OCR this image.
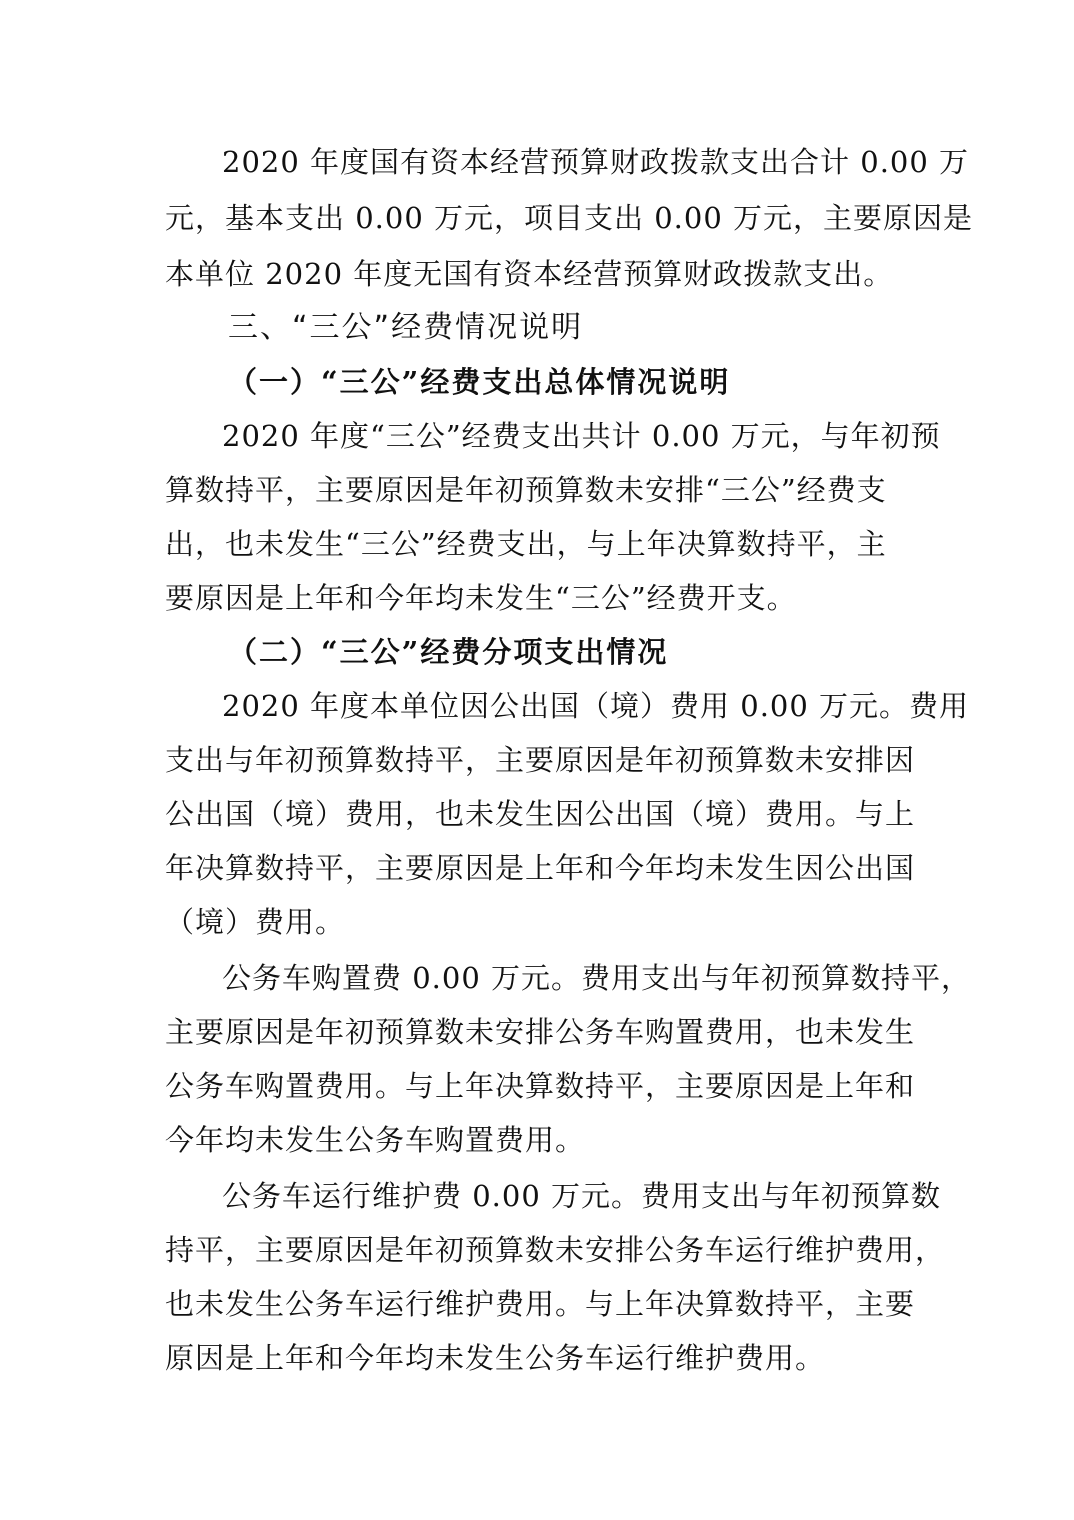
2020 年度国有资本经营预算财政拨款支出合计 0.00 万
元，基本支出 0.00 万元，项目支出 0.00 万元，主要原因是
本单位 2020 年度无国有资本经营预算财政拨款支出。
三、“三公”经费情况说明
（一）“三公”经费支出总体情况说明
2020 年度“三公”经费支出共计 0.00 万元，与年初预
算数持平，主要原因是年初预算数未安排“三公”经费支
出，也未发生“三公”经费支出，与上年决算数持平，主
要原因是上年和今年均未发生“三公”经费开支。
（二）“三公”经费分项支出情况
2020 年度本单位因公出国（境）费用 0.00 万元。费用
支出与年初预算数持平，主要原因是年初预算数未安排因
公出国（境）费用，也未发生因公出国（境）费用。与上
年决算数持平，主要原因是上年和今年均未发生因公出国
（境）费用。
公务车购置费 0.00 万元。费用支出与年初预算数持平，
主要原因是年初预算数未安排公务车购置费用，也未发生
公务车购置费用。与上年决算数持平，主要原因是上年和
今年均未发生公务车购置费用。
公务车运行维护费 0.00 万元。费用支出与年初预算数
持平，主要原因是年初预算数未安排公务车运行维护费用，
也未发生公务车运行维护费用。与上年决算数持平，主要
原因是上年和今年均未发生公务车运行维护费用。
